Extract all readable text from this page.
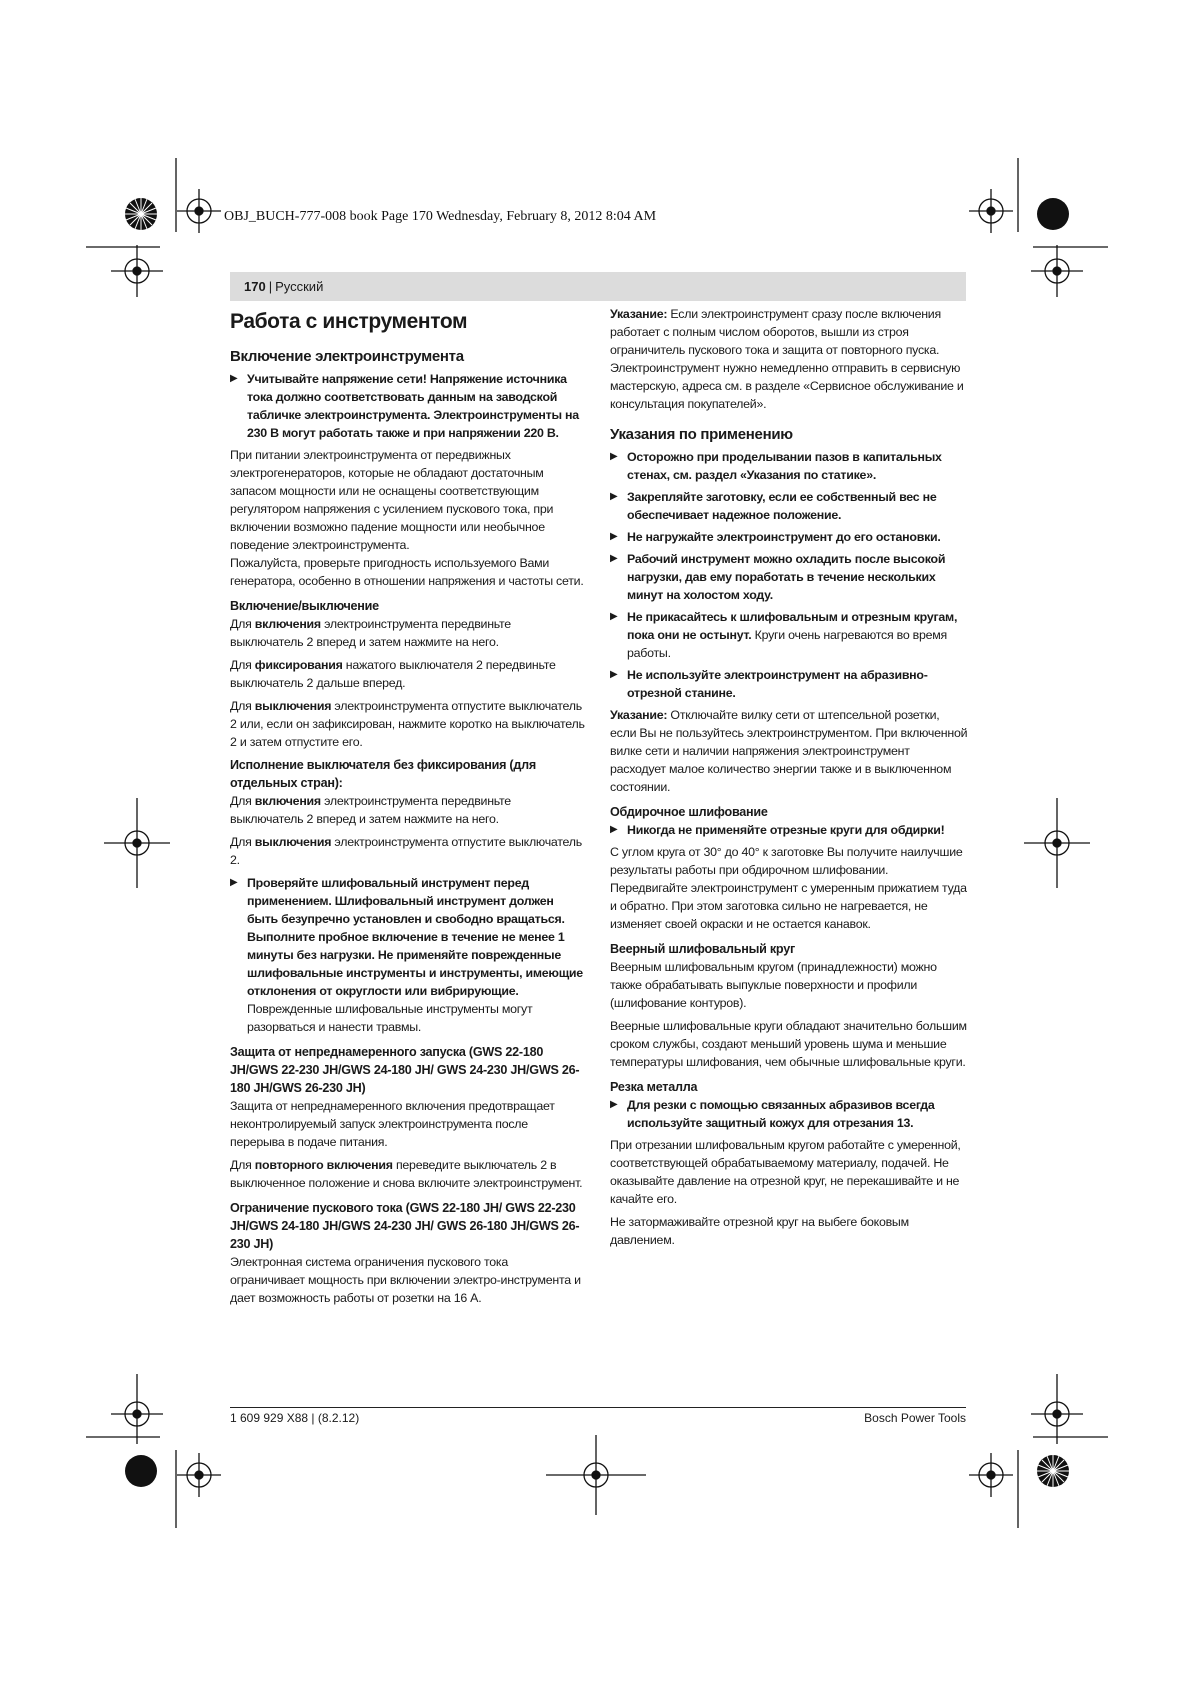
OBJ_BUCH-777-008 book Page 170 Wednesday, February 8, 2012 8:04 AM
170 | Русский
Работа с инструментом
Включение электроинструмента
▶ Учитывайте напряжение сети! Напряжение источника тока должно соответствовать данным на заводской табличке электроинструмента. Электроинструменты на 230 В могут работать также и при напряжении 220 В.

При питании электроинструмента от передвижных электрогенераторов, которые не обладают достаточным запасом мощности или не оснащены соответствующим регулятором напряжения с усилением пускового тока, при включении возможно падение мощности или необычное поведение электроинструмента.

Пожалуйста, проверьте пригодность используемого Вами генератора, особенно в отношении напряжения и частоты сети.

Включение/выключение

Для включения электроинструмента передвиньте выключатель 2 вперед и затем нажмите на него.

Для фиксирования нажатого выключателя 2 передвиньте выключатель 2 дальше вперед.

Для выключения электроинструмента отпустите выключатель 2 или, если он зафиксирован, нажмите коротко на выключатель 2 и затем отпустите его.

Исполнение выключателя без фиксирования (для отдельных стран):

Для включения электроинструмента передвиньте выключатель 2 вперед и затем нажмите на него.

Для выключения электроинструмента отпустите выключатель 2.

▶ Проверяйте шлифовальный инструмент перед применением. Шлифовальный инструмент должен быть безупречно установлен и свободно вращаться. Выполните пробное включение в течение не менее 1 минуты без нагрузки. Не применяйте поврежденные шлифовальные инструменты и инструменты, имеющие отклонения от округлости или вибрирующие. Поврежденные шлифовальные инструменты могут разорваться и нанести травмы.
Защита от непреднамеренного запуска (GWS 22-180 JH/GWS 22-230 JH/GWS 24-180 JH/ GWS 24-230 JH/GWS 26-180 JH/GWS 26-230 JH)

Защита от непреднамеренного включения предотвращает неконтролируемый запуск электроинструмента после перерыва в подаче питания.

Для повторного включения переведите выключатель 2 в выключенное положение и снова включите электроинструмент.

Ограничение пускового тока (GWS 22-180 JH/ GWS 22-230 JH/GWS 24-180 JH/GWS 24-230 JH/ GWS 26-180 JH/GWS 26-230 JH)

Электронная система ограничения пускового тока ограничивает мощность при включении электро-инструмента и дает возможность работы от розетки на 16 А.

Указание: Если электроинструмент сразу после включения работает с полным числом оборотов, вышли из строя ограничитель пускового тока и защита от повторного пуска. Электроинструмент нужно немедленно отправить в сервисную мастерскую, адреса см. в разделе «Сервисное обслуживание и консультация покупателей».

Указания по применению
▶ Осторожно при проделывании пазов в капитальных стенах, см. раздел «Указания по статике».
▶ Закрепляйте заготовку, если ее собственный вес не обеспечивает надежное положение.
▶ Не нагружайте электроинструмент до его остановки.
▶ Рабочий инструмент можно охладить после высокой нагрузки, дав ему поработать в течение нескольких минут на холостом ходу.
▶ Не прикасайтесь к шлифовальным и отрезным кругам, пока они не остынут. Круги очень нагреваются во время работы.
▶ Не используйте электроинструмент на абразивно-отрезной станине.

Указание: Отключайте вилку сети от штепсельной розетки, если Вы не пользуйтесь электроинструментом. При включенной вилке сети и наличии напряжения электроинструмент расходует малое количество энергии также и в выключенном состоянии.

Обдирочное шлифование
▶ Никогда не применяйте отрезные круги для обдирки!

С углом круга от 30° до 40° к заготовке Вы получите наилучшие результаты работы при обдирочном шлифовании. Передвигайте электроинструмент с умеренным прижатием туда и обратно. При этом заготовка сильно не нагревается, не изменяет своей окраски и не остается канавок.

Веерный шлифовальный круг

Веерным шлифовальным кругом (принадлежности) можно также обрабатывать выпуклые поверхности и профили (шлифование контуров).

Веерные шлифовальные круги обладают значительно большим сроком службы, создают меньший уровень шума и меньшие температуры шлифования, чем обычные шлифовальные круги.

Резка металла
▶ Для резки с помощью связанных абразивов всегда используйте защитный кожух для отрезания 13.

При отрезании шлифовальным кругом работайте с умеренной, соответствующей обрабатываемому материалу, подачей. Не оказывайте давление на отрезной круг, не перекашивайте и не качайте его.

Не затормаживайте отрезной круг на выбеге боковым давлением.

1 609 929 X88 | (8.2.12)	Bosch Power Tools
